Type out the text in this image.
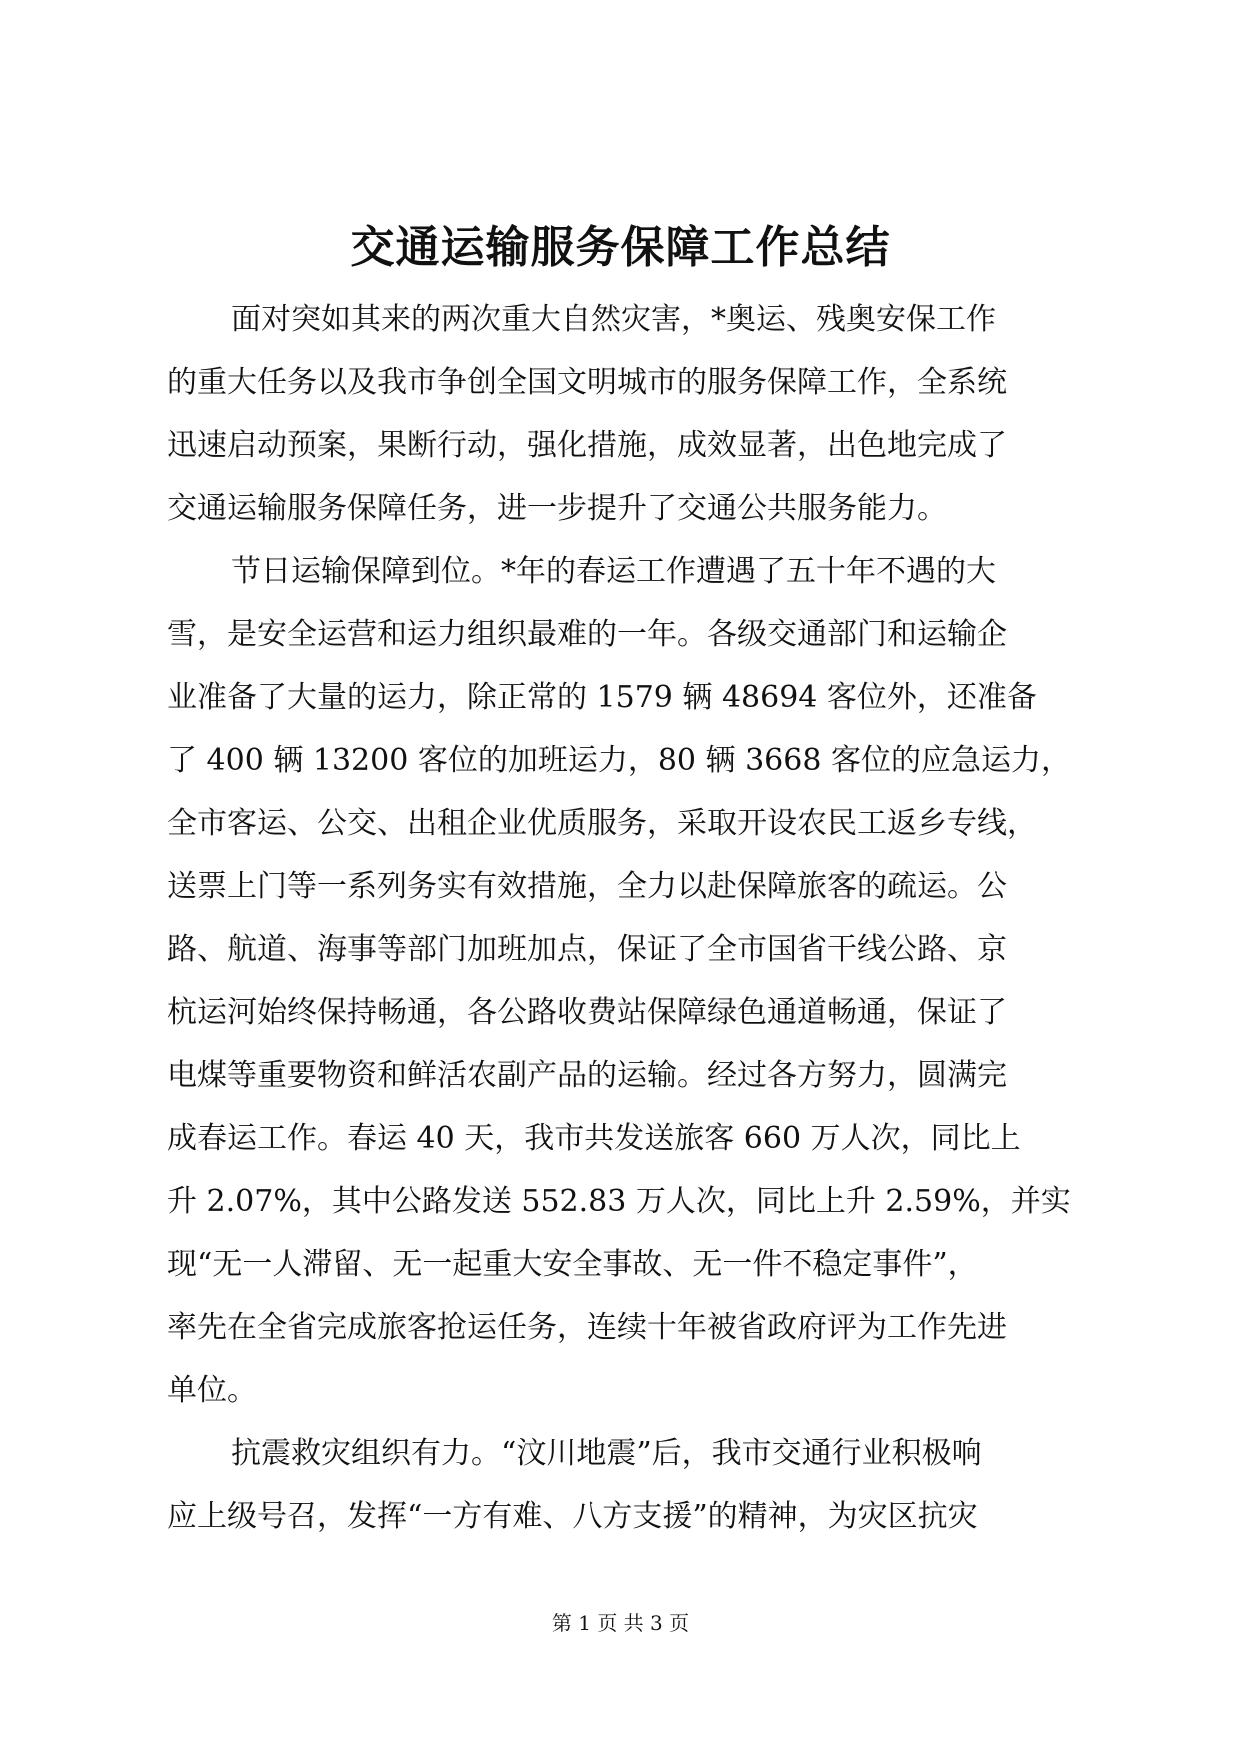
交通运输服务保障工作总结
面对突如其来的两次重大自然灾害，*奥运、残奥安保工作
的重大任务以及我市争创全国文明城市的服务保障工作，全系统
迅速启动预案，果断行动，强化措施，成效显著，出色地完成了
交通运输服务保障任务，进一步提升了交通公共服务能力。
节日运输保障到位。*年的春运工作遭遇了五十年不遇的大
雪，是安全运营和运力组织最难的一年。各级交通部门和运输企
业准备了大量的运力，除正常的 1579 辆 48694 客位外，还准备
了 400 辆 13200 客位的加班运力，80 辆 3668 客位的应急运力，
全市客运、公交、出租企业优质服务，采取开设农民工返乡专线，
送票上门等一系列务实有效措施，全力以赴保障旅客的疏运。公
路、航道、海事等部门加班加点，保证了全市国省干线公路、京
杭运河始终保持畅通，各公路收费站保障绿色通道畅通，保证了
电煤等重要物资和鲜活农副产品的运输。经过各方努力，圆满完
成春运工作。春运 40 天，我市共发送旅客 660 万人次，同比上
升 2.07%，其中公路发送 552.83 万人次，同比上升 2.59%，并实
现“无一人滞留、无一起重大安全事故、无一件不稳定事件”，
率先在全省完成旅客抢运任务，连续十年被省政府评为工作先进
单位。
抗震救灾组织有力。“汶川地震”后，我市交通行业积极响
应上级号召，发挥“一方有难、八方支援”的精神，为灾区抗灾
第 1 页 共 3 页
